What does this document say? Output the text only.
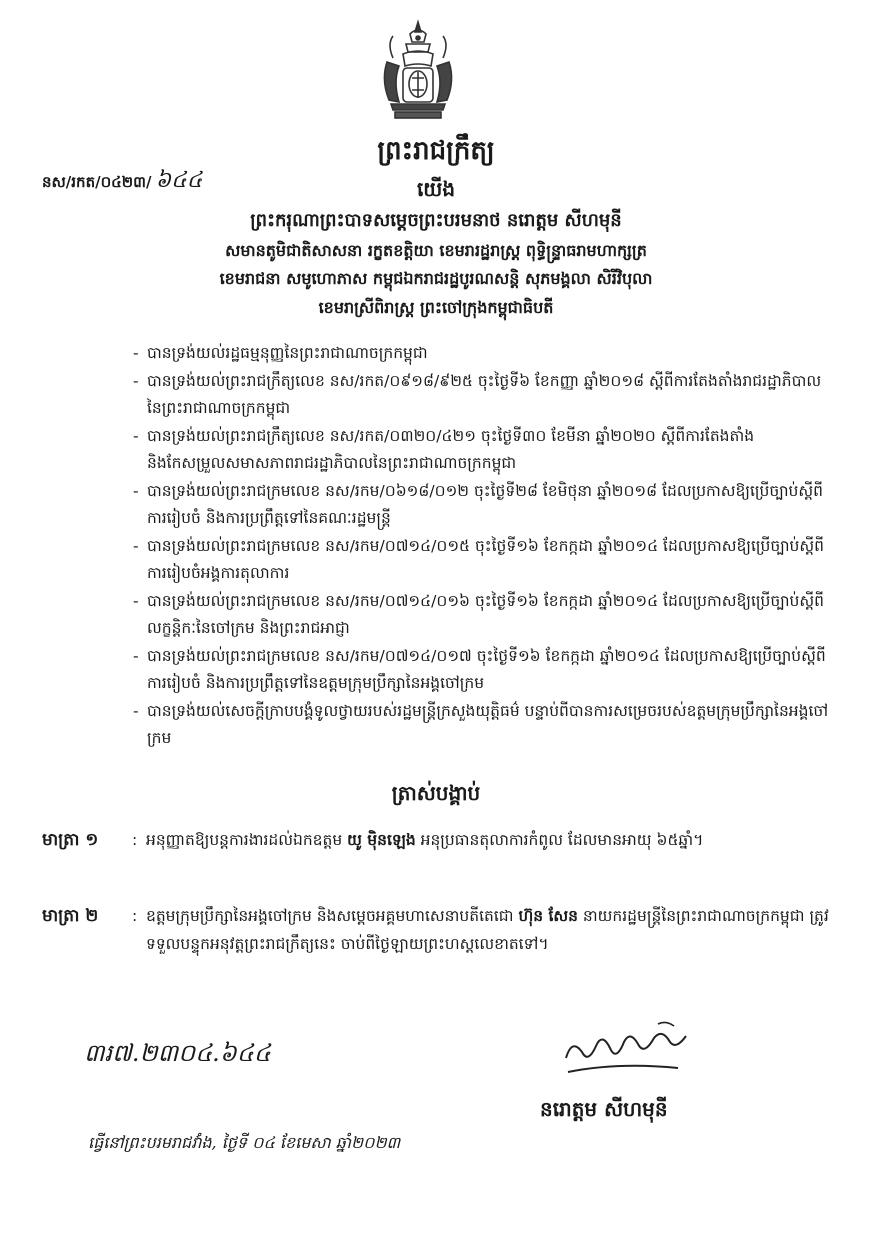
ព្រះរាជក្រឹត្យ
នស/រកត/០៤២៣/ ៦៤៤	យើង
ព្រះករុណាព្រះបាទសម្តេចព្រះបរមនាថ នរោត្តម សីហមុនី
សមានតូមិជាតិសាសនា រក្ខតខត្តិយា ខេមរារដ្ឋរាស្ត្រ ពុទ្ធិន្ទ្រាធរាមហាក្សត្រ
ខេមរាជនា សមូហោភាស កម្ពុជឯករាជរដ្ឋបូរណសន្តិ សុភមង្គលា សិរីវិបុលា
ខេមរាស្រីពិរាស្ត្រ ព្រះចៅក្រុងកម្ពុជាធិបតី
- បានទ្រង់យល់រដ្ឋធម្មនុញ្ញនៃព្រះរាជាណាចក្រកម្ពុជា
- បានទ្រង់យល់ព្រះរាជក្រឹត្យលេខ នស/រកត/០៩១៨/៩២៥ ចុះថ្ងៃទី៦ ខែកញ្ញា ឆ្នាំ២០១៨ ស្តីពីការតែងតាំងរាជរដ្ឋាភិបាលនៃព្រះរាជាណាចក្រកម្ពុជា
- បានទ្រង់យល់ព្រះរាជក្រឹត្យលេខ នស/រកត/០៣២០/៤២១ ចុះថ្ងៃទី៣០ ខែមីនា ឆ្នាំ២០២០ ស្តីពីការតែងតាំង និងកែសម្រួលសមាសភាពរាជរដ្ឋាភិបាលនៃព្រះរាជាណាចក្រកម្ពុជា
- បានទ្រង់យល់ព្រះរាជក្រមលេខ នស/រកម/០៦១៨/០១២ ចុះថ្ងៃទី២៨ ខែមិថុនា ឆ្នាំ២០១៨ ដែលប្រកាសឱ្យប្រើច្បាប់ស្តីពីការរៀបចំ និងការប្រព្រឹត្តទៅនៃគណៈរដ្ឋមន្ត្រី
- បានទ្រង់យល់ព្រះរាជក្រមលេខ នស/រកម/០៧១៤/០១៥ ចុះថ្ងៃទី១៦ ខែកក្កដា ឆ្នាំ២០១៤ ដែលប្រកាសឱ្យប្រើច្បាប់ស្តីពីការរៀបចំអង្គការតុលាការ
- បានទ្រង់យល់ព្រះរាជក្រមលេខ នស/រកម/០៧១៤/០១៦ ចុះថ្ងៃទី១៦ ខែកក្កដា ឆ្នាំ២០១៤ ដែលប្រកាសឱ្យប្រើច្បាប់ស្តីពីលក្ខន្តិកៈនៃចៅក្រម និងព្រះរាជអាជ្ញា
- បានទ្រង់យល់ព្រះរាជក្រមលេខ នស/រកម/០៧១៤/០១៧ ចុះថ្ងៃទី១៦ ខែកក្កដា ឆ្នាំ២០១៤ ដែលប្រកាសឱ្យប្រើច្បាប់ស្តីពីការរៀបចំ និងការប្រព្រឹត្តទៅនៃឧត្តមក្រុមប្រឹក្សានៃអង្គចៅក្រម
- បានទ្រង់យល់សេចក្តីក្រាបបង្គំទូលថ្វាយរបស់រដ្ឋមន្ត្រីក្រសួងយុត្តិធម៌ បន្ទាប់ពីបានការសម្រេចរបស់ឧត្តមក្រុមប្រឹក្សានៃអង្គចៅក្រម
ត្រាស់បង្គាប់
មាត្រា ១	: អនុញ្ញាតឱ្យបន្តការងារដល់ឯកឧត្តម យូ ម៉ិនឡេង អនុប្រធានតុលាការកំពូល ដែលមានអាយុ ៦៥ឆ្នាំ។
មាត្រា ២	: ឧត្តមក្រុមប្រឹក្សានៃអង្គចៅក្រម និងសម្តេចអគ្គមហាសេនាបតីតេជោ ហ៊ុន សែន នាយករដ្ឋមន្ត្រីនៃព្រះរាជាណាចក្រកម្ពុជា ត្រូវទទួលបន្ទុកអនុវត្តព្រះរាជក្រឹត្យនេះ ចាប់ពីថ្ងៃឡាយព្រះហស្តលេខាតទៅ។
៣រ៧.២៣០៤.៦៤៤
នរោត្តម សីហមុនី
ធ្វើនៅព្រះបរមរាជវាំង, ថ្ងៃទី ០៤ ខែមេសា ឆ្នាំ២០២៣
